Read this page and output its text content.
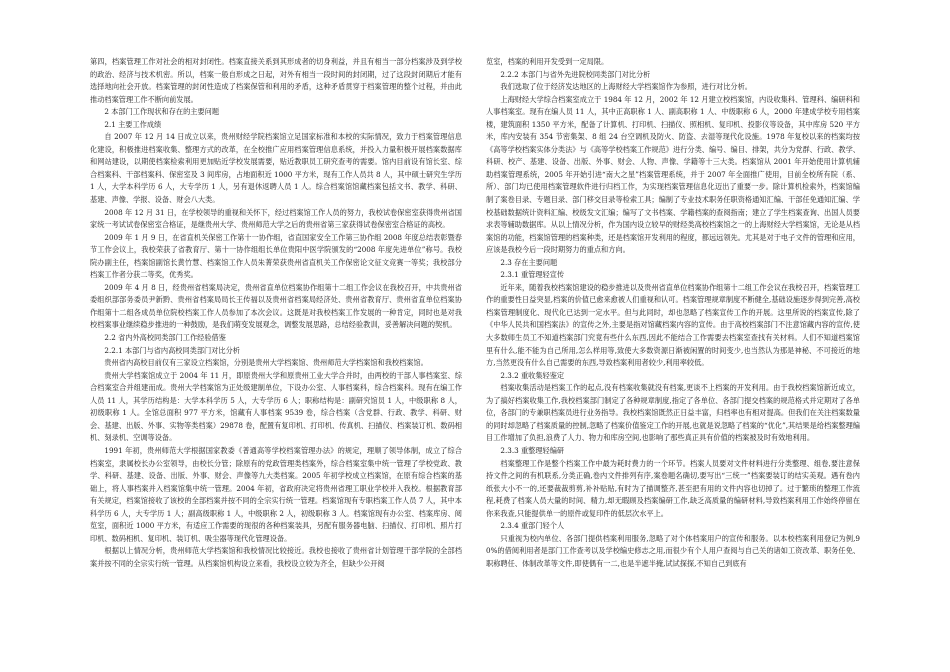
第四，档案管理工作对社会的相对封闭性。档案直接关系到其形成者的切身利益，并且有相当一部分档案涉及到学校的政治、经济与技术机密。所以，档案一般自形成之日起，对外有相当一段时间的封闭期，过了这段封闭期后才能有选择地向社会开放。档案管理的封闭性造成了档案保管和利用的矛盾，这种矛盾贯穿于档案管理的整个过程，并由此推动档案管理工作不断向前发展。

2 本部门工作现状和存在的主要问题
2.1 主要工作成绩

自 2007 年 12 月 14 日成立以来，贵州财经学院档案馆立足国家标准和本校的实际情况，致力于档案管理信息化建设，积极推进档案收集、整理方式的改革，在全校推广应用档案管理信息系统，并投入力量积极开展档案数据库和网站建设，以期使档案检索利用更加贴近学校发展需要，贴近教职员工研究查考的需要。馆内目前设有馆长室、综合档案科、干部档案科、保密室及 3 间库房，占地面积近 1000 平方米，现有工作人员共 8 人，其中硕士研究生学历 1 人，大学本科学历 6 人，大专学历 1 人，另有退休返聘人员 1 人。综合档案馆馆藏档案包括文书、教学、科研、基建、声像、学报、设备、财会八大类。

2008 年 12 月 31 日，在学校领导的重视和关怀下，经过档案馆工作人员的努力，我校试卷保密室获得贵州省国家统一考试试卷保密室合格证，是继贵州大学、贵州师范大学之后的贵州省第三家获得试卷保密室合格证的高校。

2009 年 1 月 9 日，在省直机关保密工作第十一协作组，省直国家安全工作第三协作组 2008 年度总结表彰暨春节工作会议上，我校荣获了省教育厅、第十一协作组组长单位贵阳中医学院颁发的“2008 年度先进单位”称号。我校院办副主任，档案馆副馆长黄竹慧、档案馆工作人员朱菁荣获贵州省直机关工作保密论文征文竞赛一等奖；我校部分档案工作者分获二等奖，优秀奖。

2009 年 4 月 8 日，经贵州省档案局决定，贵州省直单位档案协作组第十二组工作会议在我校召开，中共贵州省委组织部部务委员尹新黔、贵州省档案局局长王传福以及贵州省档案局经济处、贵州省教育厅、贵州省直单位档案协作组第十二组各成员单位院校档案工作人员参加了本次会议。这既是对我校档案工作发展的一种肯定，同时也是对我校档案事业继续稳步推进的一种鼓励，是我们萌变发展观念，调整发展思路，总结经验教训，妥善解决问题的契机。

2.2 省内外高校同类部门工作经验借鉴
2.2.1 本部门与省内高校同类部门对比分析

贵州省内高校目前仅有三家设立档案馆，分别是贵州大学档案馆、贵州师范大学档案馆和我校档案馆。

贵州大学档案馆成立于 2004 年 11 月，即原贵州大学和原贵州工业大学合并时，由两校的干部人事档案室、综合档案室合并组建而成。贵州大学档案馆为正处级建制单位，下设办公室、人事档案科，综合档案科。现有在编工作人员 11 人，其学历结构是：大学本科学历 5 人，大专学历 6 人；职称结构是：副研究馆员 1 人，中级职称 8 人，初级职称 1 人。全馆总面积 977 平方米，馆藏有人事档案 9539 卷，综合档案（含党群、行政、教学、科研、财会、基建、出版、外事、实物等类档案）29878 卷，配置有复印机、打印机、传真机、扫描仪、档案装订机、数码相机、刻录机、空调等设备。

1991 年初，贵州师范大学根据国家教委《普通高等学校档案管理办法》的规定，理顺了领导体制，成立了综合档案室，隶属校长办公室领导，由校长分管；除原有的党政管理类档案外，综合档案室集中统一管理了学校党政、教学、科研、基建、设备、出版、外事、财会、声像等九大类档案。2005 年初学校成立档案馆，在原有综合档案的基础上，将人事档案并入档案馆集中统一管理。2004 年初，省政府决定将贵州省理工职业学校并入我校。根据教育部有关规定，档案馆接收了该校的全部档案并按不同的全宗实行统一管理。档案馆现有专职档案工作人员 7 人，其中本科学历 6 人，大专学历 1 人；副高级职称 1 人，中级职称 2 人，初级职称 3 人。档案馆现有办公室、档案库房、阅览室，面积近 1000 平方米，有适应工作需要的现很的各种档案装具，另配有服务器电脑、扫描仪、打印机、照片打印机、数码相机、复印机、装订机、吸尘器等现代化管理设备。

根据以上情况分析，贵州师范大学档案馆和我校情况比较接近。我校也接收了贵州省计划管理干部学院的全部档案并按不同的全宗实行统一管理。从档案馆机构设立来看，我校设立较为齐全，但缺少公开阅

览室，档案的利用开发受到一定局限。

2.2.2 本部门与省外先进院校同类部门对比分析

我们选取了位于经济发达地区的上海财经大学档案馆作为参照，进行对比分析。

上海财经大学综合档案室成立于 1984 年 12 月，2002 年 12 月建立校档案馆，内设收集科、管理科、编研科和人事档案室。现有在编人员 11 人，其中正高职称 1 人、副高职称 1 人、中级职称 6 人，2000 年建成学校专用档案楼，建筑面积 1350 平方米，配备了计算机、打印机、扫描仪、照相机、复印机、投影仪等设备，其中库房 520 平方米，库内安装有 354 节密集架、8 组 24 台空调机及防火、防盗、去湿等现代化设施。1978 年复校以来的档案均按《高等学校档案实体分类法》与《高等学校档案工作规范》进行分类、编号、编目、排架，共分为党群、行政、教学、科研、校产、基建、设备、出版、外事、财会、人物、声像、学籍等十三大类。档案馆从 2001 年开始使用计算机辅助档案管理系统，2005 年开始引进“南大之星”档案管理系统，并于 2007 年全面推广使用，目前全校所有院（系、所）、部门均已使用档案管理软件进行归档工作，为实现档案管理信息化迈出了重要一步。除计算机检索外，档案馆编制了案卷目录、专题目录、部门移交目录等检索工具；编制了专业技术职务任职资格通知汇编、干部任免通知汇编、学校基础数据统计资料汇编、校级发文汇编；编写了文书档案、学籍档案的查阅指南；建立了学生档案查询、出国人员要求表等辅助数据库。从以上情况分析，作为国内设立较早的财经类高校档案馆之一的上海财经大学档案馆，无论是从档案馆的功能，档案馆管理的档案种类，还是档案馆开发利用的程度，都远远领先。尤其是对于电子文件的管理和应用，应该是我校今后一段时期努力的重点和方向。

2.3 存在主要问题
2.3.1 重管理轻宣传

近年来，随着我校档案馆建设的稳步推进以及贵州省直单位档案协作组第十二组工作会议在我校召开，档案管理工作的重要性日益突显,档案的价值已愈来愈被人们重视和认可。档案管理规章制度不断健全,基础设施逐步得到完善,高校档案管理制度化、现代化已达到一定水平。但与此同时，却也忽略了档案宣传工作的开展。这里所说的档案宣传,除了《中华人民共和国档案法》的宣传之外,主要是指对馆藏档案内容的宣传。由于高校档案部门不注意馆藏内容的宣传,使大多数师生员工不知道档案部门究竟有些什么东西,因此不能结合工作需要去档案室查找有关材料。人们不知道档案馆里有什么,能不能为自己所用,怎么样用等,致使大多数资源日渐被闲置的时间变少,也当然认为那是神秘、不可接近的地方,当然更没有什么自己需要的东西,导致档案利用者较少,利用率较低。

2.3.2 重收集轻鉴定

档案收集活动是档案工作的起点,没有档案收集就没有档案,更谈不上档案的开发利用。由于我校档案馆新近成立，为了搞好档案收集工作,我校档案部门制定了各种规章制度,指定了各单位、各部门提交档案的规范格式并定期对了各单位，各部门的专兼职档案员进行业务指导。我校档案馆既然正日益丰富，归档率也有相对提高。但我们在关注档案数量的同时却忽略了档案质量的控制,忽略了档案价值鉴定工作的开展,也就是说忽略了档案的“优化”,其结果是给档案整理编目工作增加了负担,浪费了人力、物力和库房空间,也影响了那些真正具有价值的档案被及时有效地利用。

2.3.3 重整理轻编研

档案整理工作是整个档案工作中最为耗时费力的一个环节。档案人员要对文件材料进行分类整理、组卷,要注意保持文件之间的有机联系,分类正确,卷内文件排列有序,案卷题名确切,要写出“三统一”档案要装订的结实美观。遇有卷内纸张大小不一的,还要裁裁剪剪,补补贴贴,有时为了描调整齐,甚至把有用的文件内容也切掉了。过于繁琐的整理工作流程,耗费了档案人员大量的时间、精力,却无暇顾及档案编研工作,缺乏高质量的编研材料,导致档案利用工作始终停留在你来我查,只能提供单一的原件或复印件的低层次水平上。

2.3.4 重部门轻个人

只重视为校内单位、各部门提供档案利用服务,忽略了对个体档案用户的宣传和服务。以本校档案利用登记为例,90%的借阅利用者是部门工作查考以及学校编史修志之用,而很少有个人用户查阅与自己关的诸如工资改革、职务任免、职称聘任、体制改革等文件,即使偶有一二,也是半遮半掩,试试探探,不知自己到底有
